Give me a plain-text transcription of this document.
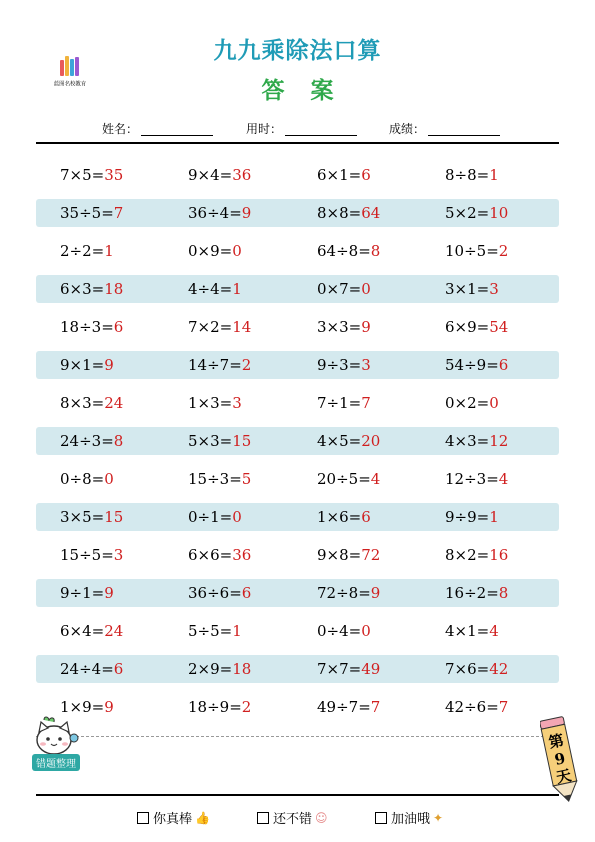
蓝图名校教育
九九乘除法口算
答案
姓名：	用时：	成绩：
7×5=35	9×4=36	6×1=6	8÷8=1
35÷5=7	36÷4=9	8×8=64	5×2=10
2÷2=1	0×9=0	64÷8=8	10÷5=2
6×3=18	4÷4=1	0×7=0	3×1=3
18÷3=6	7×2=14	3×3=9	6×9=54
9×1=9	14÷7=2	9÷3=3	54÷9=6
8×3=24	1×3=3	7÷1=7	0×2=0
24÷3=8	5×3=15	4×5=20	4×3=12
0÷8=0	15÷3=5	20÷5=4	12÷3=4
3×5=15	0÷1=0	1×6=6	9÷9=1
15÷5=3	6×6=36	9×8=72	8×2=16
9÷1=9	36÷6=6	72÷8=9	16÷2=8
6×4=24	5÷5=1	0÷4=0	4×1=4
24÷4=6	2×9=18	7×7=49	7×6=42
1×9=9	18÷9=2	49÷7=7	42÷6=7
错题整理
第9天
你真棒 👍	还不错 ☺	加油哦 ✦
